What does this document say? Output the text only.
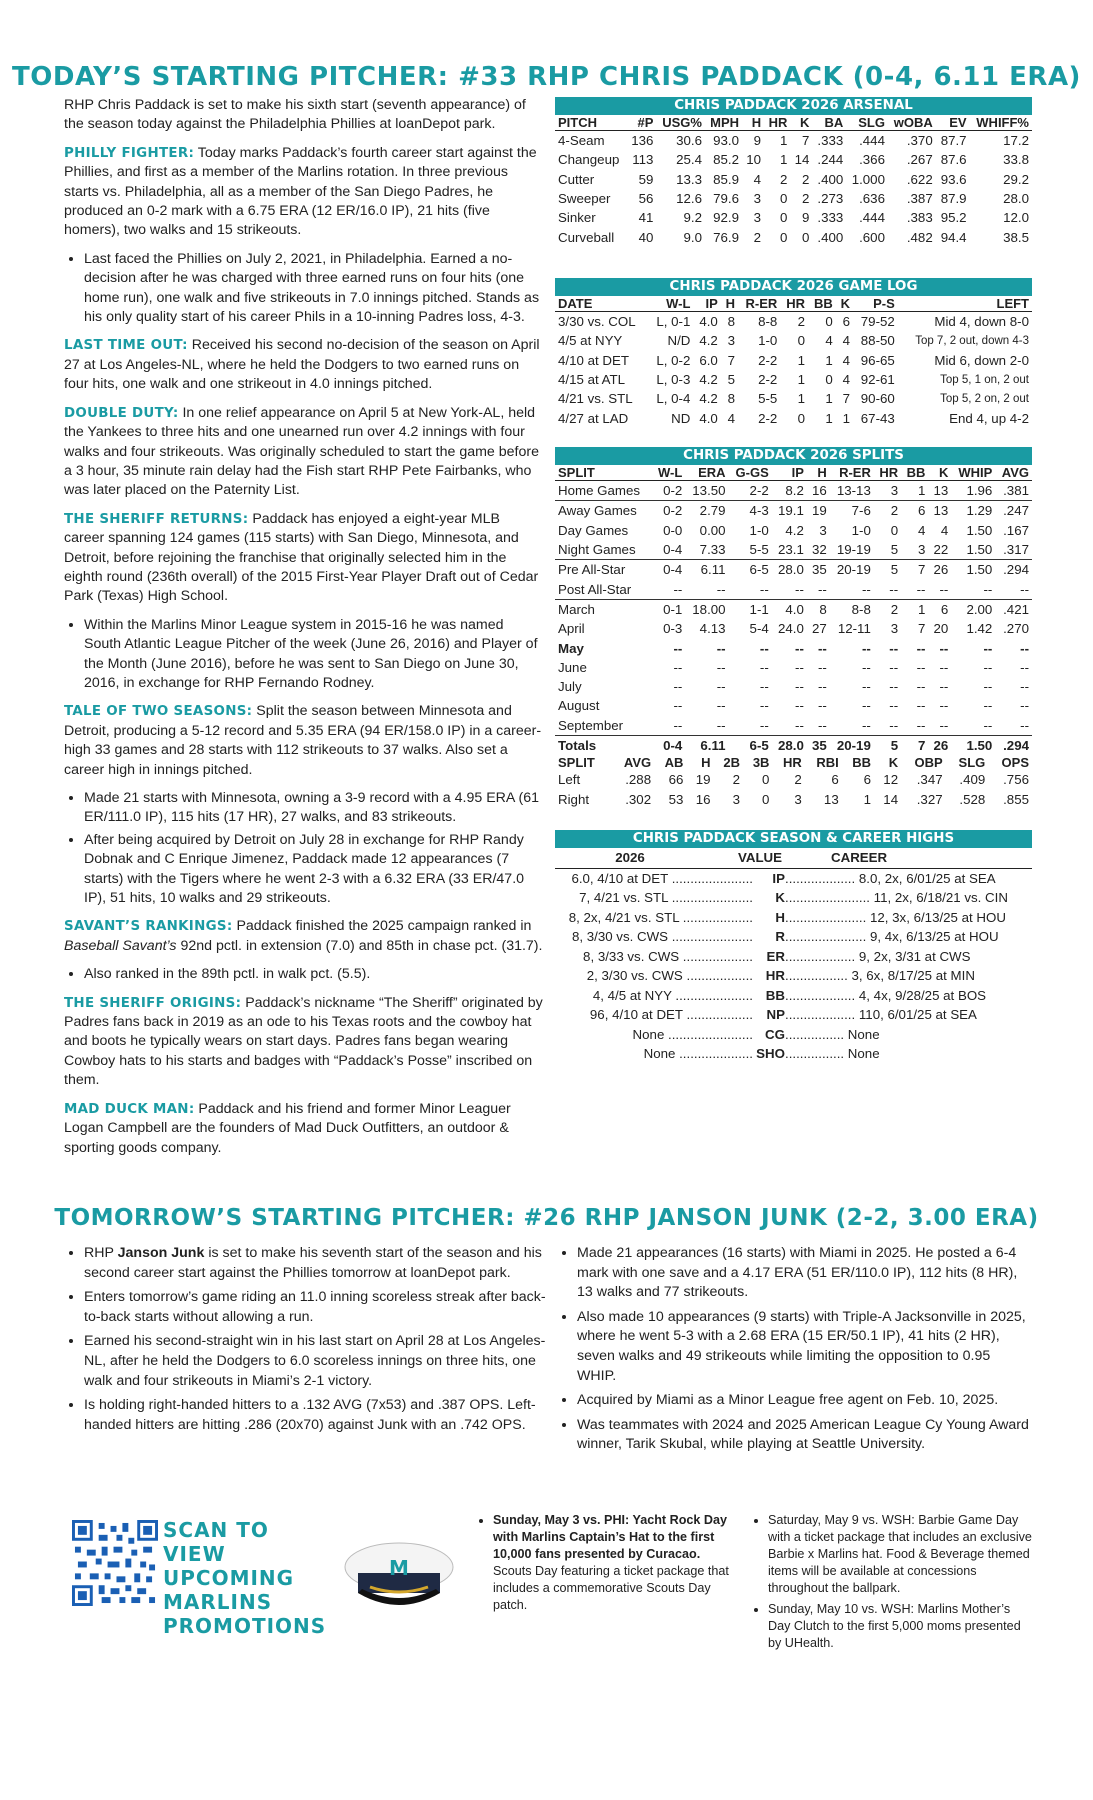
TODAY’S STARTING PITCHER: #33 RHP CHRIS PADDACK (0-4, 6.11 ERA)

RHP Chris Paddack is set to make his sixth start (seventh appearance) of the season today against the Philadelphia Phillies at loanDepot park.

PHILLY FIGHTER: Today marks Paddack’s fourth career start against the Phillies, and first as a member of the Marlins rotation. In three previous starts vs. Philadelphia, all as a member of the San Diego Padres, he produced an 0-2 mark with a 6.75 ERA (12 ER/16.0 IP), 21 hits (five homers), two walks and 15 strikeouts.

• Last faced the Phillies on July 2, 2021, in Philadelphia. Earned a no-decision after he was charged with three earned runs on four hits (one home run), one walk and five strikeouts in 7.0 innings pitched. Stands as his only quality start of his career Phils in a 10-inning Padres loss, 4-3.

LAST TIME OUT: Received his second no-decision of the season on April 27 at Los Angeles-NL, where he held the Dodgers to two earned runs on four hits, one walk and one strikeout in 4.0 innings pitched.

DOUBLE DUTY: In one relief appearance on April 5 at New York-AL, held the Yankees to three hits and one unearned run over 4.2 innings with four walks and four strikeouts. Was originally scheduled to start the game before a 3 hour, 35 minute rain delay had the Fish start RHP Pete Fairbanks, who was later placed on the Paternity List.

THE SHERIFF RETURNS: Paddack has enjoyed a eight-year MLB career spanning 124 games (115 starts) with San Diego, Minnesota, and Detroit, before rejoining the franchise that originally selected him in the eighth round (236th overall) of the 2015 First-Year Player Draft out of Cedar Park (Texas) High School.

• Within the Marlins Minor League system in 2015-16 he was named South Atlantic League Pitcher of the week (June 26, 2016) and Player of the Month (June 2016), before he was sent to San Diego on June 30, 2016, in exchange for RHP Fernando Rodney.

TALE OF TWO SEASONS: Split the season between Minnesota and Detroit, producing a 5-12 record and 5.35 ERA (94 ER/158.0 IP) in a career-high 33 games and 28 starts with 112 strikeouts to 37 walks. Also set a career high in innings pitched.

• Made 21 starts with Minnesota, owning a 3-9 record with a 4.95 ERA (61 ER/111.0 IP), 115 hits (17 HR), 27 walks, and 83 strikeouts.
• After being acquired by Detroit on July 28 in exchange for RHP Randy Dobnak and C Enrique Jimenez, Paddack made 12 appearances (7 starts) with the Tigers where he went 2-3 with a 6.32 ERA (33 ER/47.0 IP), 51 hits, 10 walks and 29 strikeouts.

SAVANT’S RANKINGS: Paddack finished the 2025 campaign ranked in Baseball Savant’s 92nd pctl. in extension (7.0) and 85th in chase pct. (31.7).

• Also ranked in the 89th pctl. in walk pct. (5.5).

THE SHERIFF ORIGINS: Paddack’s nickname “The Sheriff” originated by Padres fans back in 2019 as an ode to his Texas roots and the cowboy hat and boots he typically wears on start days. Padres fans began wearing Cowboy hats to his starts and badges with “Paddack’s Posse” inscribed on them.

MAD DUCK MAN: Paddack and his friend and former Minor Leaguer Logan Campbell are the founders of Mad Duck Outfitters, an outdoor & sporting goods company.

CHRIS PADDACK 2026 ARSENAL
PITCH	#P	USG%	MPH	H	HR	K	BA	SLG	wOBA	EV	WHIFF%
4-Seam	136	30.6	93.0	9	1	7	.333	.444	.370	87.7	17.2
Changeup	113	25.4	85.2	10	1	14	.244	.366	.267	87.6	33.8
Cutter	59	13.3	85.9	4	2	2	.400	1.000	.622	93.6	29.2
Sweeper	56	12.6	79.6	3	0	2	.273	.636	.387	87.9	28.0
Sinker	41	9.2	92.9	3	0	9	.333	.444	.383	95.2	12.0
Curveball	40	9.0	76.9	2	0	0	.400	.600	.482	94.4	38.5
CHRIS PADDACK 2026 GAME LOG
DATE	W-L	IP	H	R-ER	HR	BB	K	P-S	LEFT
3/30 vs. COL	L, 0-1	4.0	8	8-8	2	0	6	79-52	Mid 4, down 8-0
4/5 at NYY	N/D	4.2	3	1-0	0	4	4	88-50	Top 7, 2 out, down 4-3
4/10 at DET	L, 0-2	6.0	7	2-2	1	1	4	96-65	Mid 6, down 2-0
4/15 at ATL	L, 0-3	4.2	5	2-2	1	0	4	92-61	Top 5, 1 on, 2 out
4/21 vs. STL	L, 0-4	4.2	8	5-5	1	1	7	90-60	Top 5, 2 on, 2 out
4/27 at LAD	ND	4.0	4	2-2	0	1	1	67-43	End 4, up 4-2
CHRIS PADDACK 2026 SPLITS
SPLIT	W-L	ERA	G-GS	IP	H	R-ER	HR	BB	K	WHIP	AVG
Home Games	0-2	13.50	2-2	8.2	16	13-13	3	1	13	1.96	.381
Away Games	0-2	2.79	4-3	19.1	19	7-6	2	6	13	1.29	.247
Day Games	0-0	0.00	1-0	4.2	3	1-0	0	4	4	1.50	.167
Night Games	0-4	7.33	5-5	23.1	32	19-19	5	3	22	1.50	.317
Pre All-Star	0-4	6.11	6-5	28.0	35	20-19	5	7	26	1.50	.294
Post All-Star	--	--	--	--	--	--	--	--	--	--	--
March	0-1	18.00	1-1	4.0	8	8-8	2	1	6	2.00	.421
April	0-3	4.13	5-4	24.0	27	12-11	3	7	20	1.42	.270
May	--	--	--	--	--	--	--	--	--	--	--
June	--	--	--	--	--	--	--	--	--	--	--
July	--	--	--	--	--	--	--	--	--	--	--
August	--	--	--	--	--	--	--	--	--	--	--
September	--	--	--	--	--	--	--	--	--	--	--
Totals	0-4	6.11	6-5	28.0	35	20-19	5	7	26	1.50	.294
SPLIT	AVG	AB	H	2B	3B	HR	RBI	BB	K	OBP	SLG	OPS
Left	.288	66	19	2	0	2	6	6	12	.347	.409	.756
Right	.302	53	16	3	0	3	13	1	14	.327	.528	.855
CHRIS PADDACK SEASON & CAREER HIGHS
2026	VALUE	CAREER
6.0, 4/10 at DET ......................	IP ................... 8.0, 2x, 6/01/25 at SEA
7, 4/21 vs. STL ......................	K ....................... 11, 2x, 6/18/21 vs. CIN
8, 2x, 4/21 vs. STL ...................	H ...................... 12, 3x, 6/13/25 at HOU
8, 3/30 vs. CWS ......................	R ...................... 9, 4x, 6/13/25 at HOU
8, 3/33 vs. CWS ...................	ER ................... 9, 2x, 3/31 at CWS
2, 3/30 vs. CWS .................. HR ................. 3, 6x, 8/17/25 at MIN
4, 4/5 at NYY ..................... BB ................... 4, 4x, 9/28/25 at BOS
96, 4/10 at DET ..................	NP ................... 110, 6/01/25 at SEA
None ....................... CG ................ None
None .................... SHO ................ None
TOMORROW’S STARTING PITCHER: #26 RHP JANSON JUNK (2-2, 3.00 ERA)
• RHP Janson Junk is set to make his seventh start of the season and his second career start against the Phillies tomorrow at loanDepot park.
• Enters tomorrow’s game riding an 11.0 inning scoreless streak after back-to-back starts without allowing a run.
• Earned his second-straight win in his last start on April 28 at Los Angeles-NL, after he held the Dodgers to 6.0 scoreless innings on three hits, one walk and four strikeouts in Miami’s 2-1 victory.
• Is holding right-handed hitters to a .132 AVG (7x53) and .387 OPS. Left-handed hitters are hitting .286 (20x70) against Junk with an .742 OPS.
• Made 21 appearances (16 starts) with Miami in 2025. He posted a 6-4 mark with one save and a 4.17 ERA (51 ER/110.0 IP), 112 hits (8 HR), 13 walks and 77 strikeouts.
• Also made 10 appearances (9 starts) with Triple-A Jacksonville in 2025, where he went 5-3 with a 2.68 ERA (15 ER/50.1 IP), 41 hits (2 HR), seven walks and 49 strikeouts while limiting the opposition to 0.95 WHIP.
• Acquired by Miami as a Minor League free agent on Feb. 10, 2025.
• Was teammates with 2024 and 2025 American League Cy Young Award winner, Tarik Skubal, while playing at Seattle University.
SCAN TO VIEW UPCOMING MARLINS PROMOTIONS
M
• Sunday, May 3 vs. PHI: Yacht Rock Day with Marlins Captain’s Hat to the first 10,000 fans presented by Curacao. Scouts Day featuring a ticket package that includes a commemorative Scouts Day patch.
• Saturday, May 9 vs. WSH: Barbie Game Day with a ticket package that includes an exclusive Barbie x Marlins hat. Food & Beverage themed items will be available at concessions throughout the ballpark.
• Sunday, May 10 vs. WSH: Marlins Mother’s Day Clutch to the first 5,000 moms presented by UHealth.
